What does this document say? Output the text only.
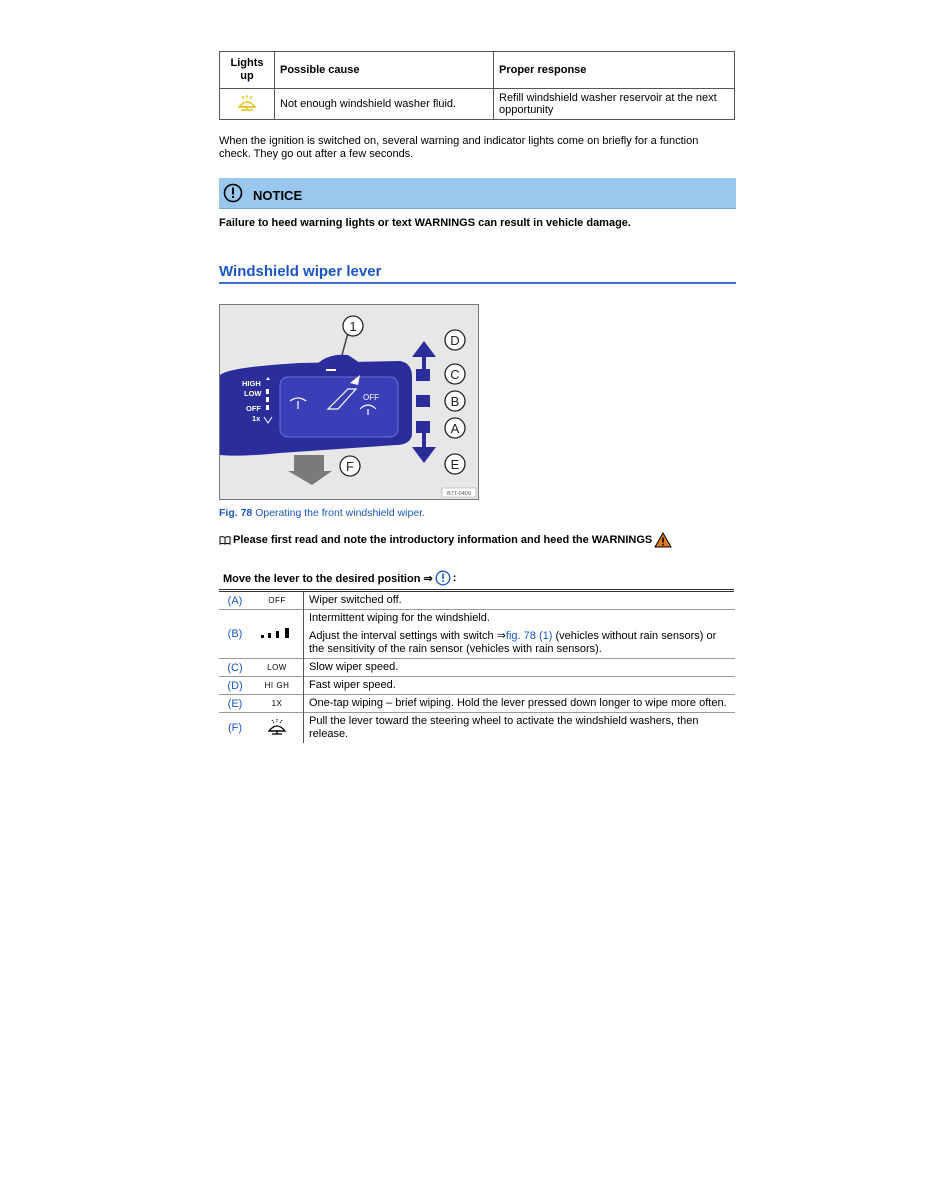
Lights up	Possible cause	Proper response
	Not enough windshield washer fluid.	Refill windshield washer reservoir at the next opportunity
When the ignition is switched on, several warning and indicator lights come on briefly for a function check. They go out after a few seconds.
NOTICE
Failure to heed warning lights or text WARNINGS can result in vehicle damage.
Windshield wiper lever
1
HIGH
LOW
OFF
1x
OFF
D
C
B
A
E
F
B7T-0409
Fig. 78 Operating the front windshield wiper.
Please first read and note the introductory information and heed the WARNINGS
Move the lever to the desired position ⇒ :
(A)	OFF	Wiper switched off.
(B)		Intermittent wiping for the windshield.

Adjust the interval settings with switch ⇒fig. 78 (1) (vehicles without rain sensors) or the sensitivity of the rain sensor (vehicles with rain sensors).

(C)	LOW	Slow wiper speed.
(D)	HI GH	Fast wiper speed.
(E)	1X	One-tap wiping – brief wiping. Hold the lever pressed down longer to wipe more often.
(F)		Pull the lever toward the steering wheel to activate the windshield washers, then release.
